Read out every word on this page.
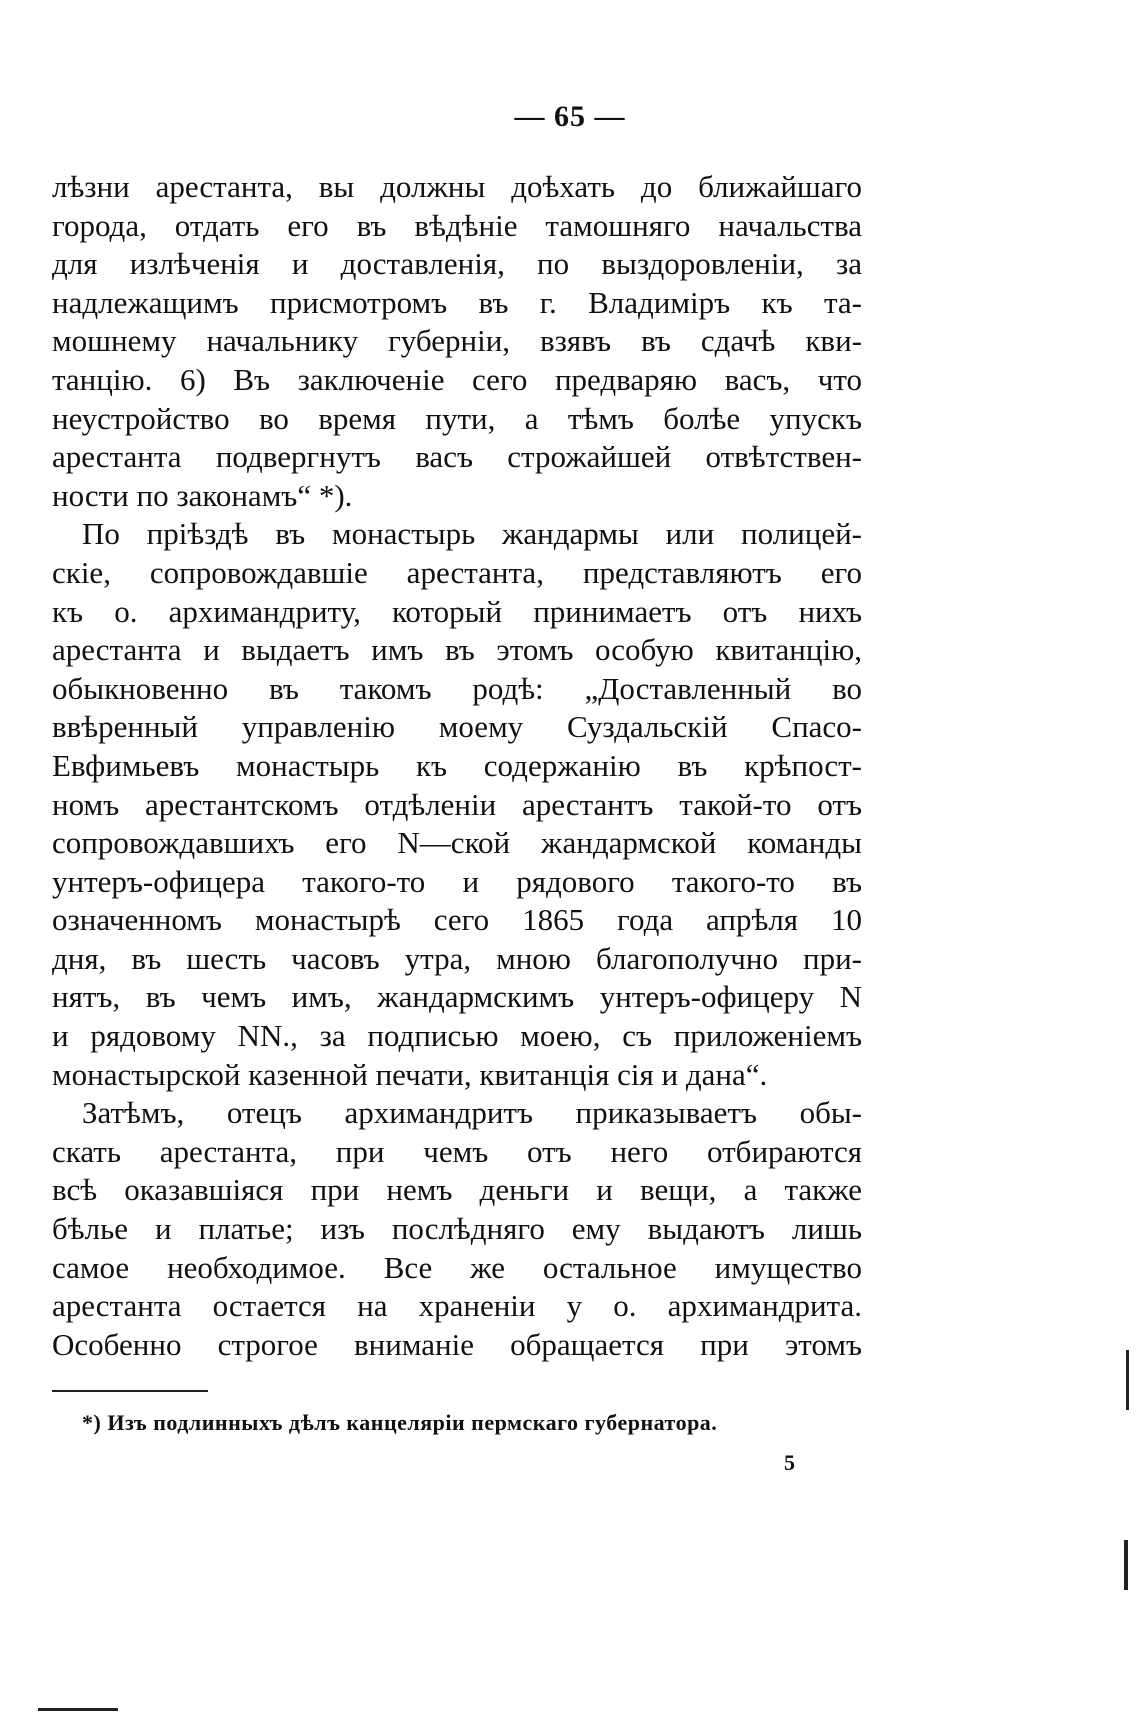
— 65 —
лѣзни арестанта, вы должны доѣхать до ближайшаго
города, отдать его въ вѣдѣніе тамошняго начальства
для излѣченія и доставленія, по выздоровленіи, за
надлежащимъ присмотромъ въ г. Владиміръ къ та-
мошнему начальнику губерніи, взявъ въ сдачѣ кви-
танцію. 6) Въ заключеніе сего предваряю васъ, что
неустройство во время пути, а тѣмъ болѣе упускъ
арестанта подвергнутъ васъ строжайшей отвѣтствен-
ности по законамъ“ *).
По пріѣздѣ въ монастырь жандармы или полицей-
скіе, сопровождавшіе арестанта, представляютъ его
къ о. архимандриту, который принимаетъ отъ нихъ
арестанта и выдаетъ имъ въ этомъ особую квитанцію,
обыкновенно въ такомъ родѣ: „Доставленный во
ввѣренный управленію моему Суздальскій Спасо-
Евфимьевъ монастырь къ содержанію въ крѣпост-
номъ арестантскомъ отдѣленіи арестантъ такой-то отъ
сопровождавшихъ его N—ской жандармской команды
унтеръ-офицера такого-то и рядового такого-то въ
означенномъ монастырѣ сего 1865 года апрѣля 10
дня, въ шесть часовъ утра, мною благополучно при-
нятъ, въ чемъ имъ, жандармскимъ унтеръ-офицеру N
и рядовому NN., за подписью моею, съ приложеніемъ
монастырской казенной печати, квитанція сія и дана“.
Затѣмъ, отецъ архимандритъ приказываетъ обы-
скать арестанта, при чемъ отъ него отбираются
всѣ оказавшіяся при немъ деньги и вещи, а также
бѣлье и платье; изъ послѣдняго ему выдаютъ лишь
самое необходимое. Все же остальное имущество
арестанта остается на храненіи у о. архимандрита.
Особенно строгое вниманіе обращается при этомъ
*) Изъ подлинныхъ дѣлъ канцеляріи пермскаго губернатора.
5
